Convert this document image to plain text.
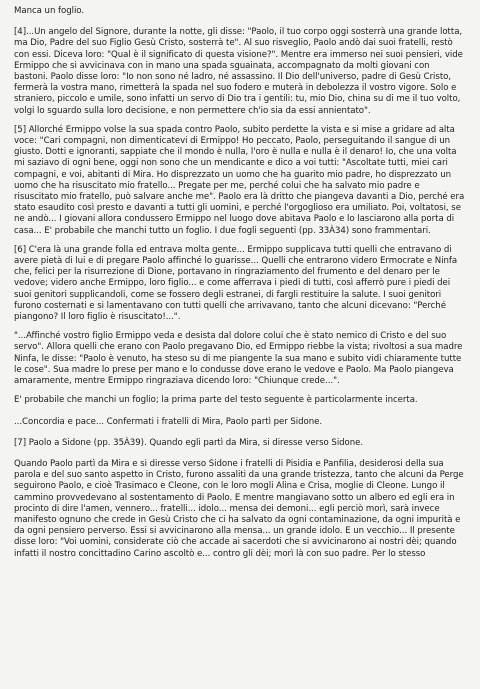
Manca un foglio.

[4]...Un angelo del Signore, durante la notte, gli disse: "Paolo, il tuo corpo oggi sosterrà una grande lotta, ma Dio, Padre del suo Figlio Gesù Cristo, sosterrà te". Al suo risveglio, Paolo andò dai suoi fratelli, restò con essi. Diceva loro: "Qual è il significato di questa visione?". Mentre era immerso nei suoi pensieri, vide Ermippo che si avvicinava con in mano una spada sguainata, accompagnato da molti giovani con bastoni. Paolo disse loro: "Io non sono né ladro, né assassino. Il Dio dell'universo, padre di Gesù Cristo, fermerà la vostra mano, rimetterà la spada nel suo fodero e muterà in debolezza il vostro vigore. Solo e straniero, piccolo e umile, sono infatti un servo di Dio tra i gentili: tu, mio Dio, china su di me il tuo volto, volgi lo sguardo sulla loro decisione, e non permettere ch'io sia da essi annientato".

[5] Allorché Ermippo volse la sua spada contro Paolo, subito perdette la vista e si mise a gridare ad alta voce: "Cari compagni, non dimenticatevi di Ermippo! Ho peccato, Paolo, perseguitando il sangue di un giusto. Dotti e ignoranti, sappiate che il mondo è nulla, l'oro è nulla e nulla è il denaro! Io, che una volta mi saziavo di ogni bene, oggi non sono che un mendicante e dico a voi tutti: "Ascoltate tutti, miei cari compagni, e voi, abitanti di Mira. Ho disprezzato un uomo che ha guarito mio padre, ho disprezzato un uomo che ha risuscitato mio fratello... Pregate per me, perché colui che ha salvato mio padre e risuscitato mio fratello, può salvare anche me". Paolo era là dritto che piangeva davanti a Dio, perché era stato esaudito così presto e davanti a tutti gli uomini, e perché l'orgoglioso era umiliato. Poi, voltatosi, se ne andò... I giovani allora condussero Ermippo nel luogo dove abitava Paolo e lo lasciarono alla porta di casa... E' probabile che manchi tutto un foglio. I due fogli seguenti (pp. 33À34) sono frammentari.

[6] C'era là una grande folla ed entrava molta gente... Ermippo supplicava tutti quelli che entravano di avere pietà di lui e di pregare Paolo affinché lo guarisse... Quelli che entrarono videro Ermocrate e Ninfa che, felici per la risurrezione di Dione, portavano in ringraziamento del frumento e del denaro per le vedove; videro anche Ermippo, loro figlio... e come afferrava i piedi di tutti, così afferrò pure i piedi dei suoi genitori supplicandoli, come se fossero degli estranei, di fargli restituire la salute. I suoi genitori furono costernati e si lamentavano con tutti quelli che arrivavano, tanto che alcuni dicevano: "Perché piangono? Il loro figlio è risuscitato!...".

"...Affinché vostro figlio Ermippo veda e desista dal dolore colui che è stato nemico di Cristo e del suo servo". Allora quelli che erano con Paolo pregavano Dio, ed Ermippo riebbe la vista; rivoltosi a sua madre Ninfa, le disse: "Paolo è venuto, ha steso su di me piangente la sua mano e subito vidi chiaramente tutte le cose". Sua madre lo prese per mano e lo condusse dove erano le vedove e Paolo. Ma Paolo piangeva amaramente, mentre Ermippo ringraziava dicendo loro: "Chiunque crede...".

E' probabile che manchi un foglio; la prima parte del testo seguente è particolarmente incerta.

...Concordia e pace... Confermati i fratelli di Mira, Paolo partì per Sidone.

[7] Paolo a Sidone (pp. 35À39). Quando egli partì da Mira, si diresse verso Sidone.

Quando Paolo partì da Mira e si diresse verso Sidone i fratelli di Pisidia e Panfilia, desiderosi della sua parola e del suo santo aspetto in Cristo, furono assaliti da una grande tristezza, tanto che alcuni da Perge seguirono Paolo, e cioè Trasimaco e Cleone, con le loro mogli Alina e Crisa, moglie di Cleone. Lungo il cammino provvedevano al sostentamento di Paolo. E mentre mangiavano sotto un albero ed egli era in procinto di dire l'amen, vennero... fratelli... idolo... mensa dei demoni... egli perciò morì, sarà invece manifesto ognuno che crede in Gesù Cristo che ci ha salvato da ogni contaminazione, da ogni impurità e da ogni pensiero perverso. Essi si avvicinarono alla mensa... un grande idolo. E un vecchio... Il presente disse loro: "Voi uomini, considerate ciò che accade ai sacerdoti che si avvicinarono ai nostri dèi; quando infatti il nostro concittadino Carino ascoltò e... contro gli dèi; morì là con suo padre. Per lo stesso
